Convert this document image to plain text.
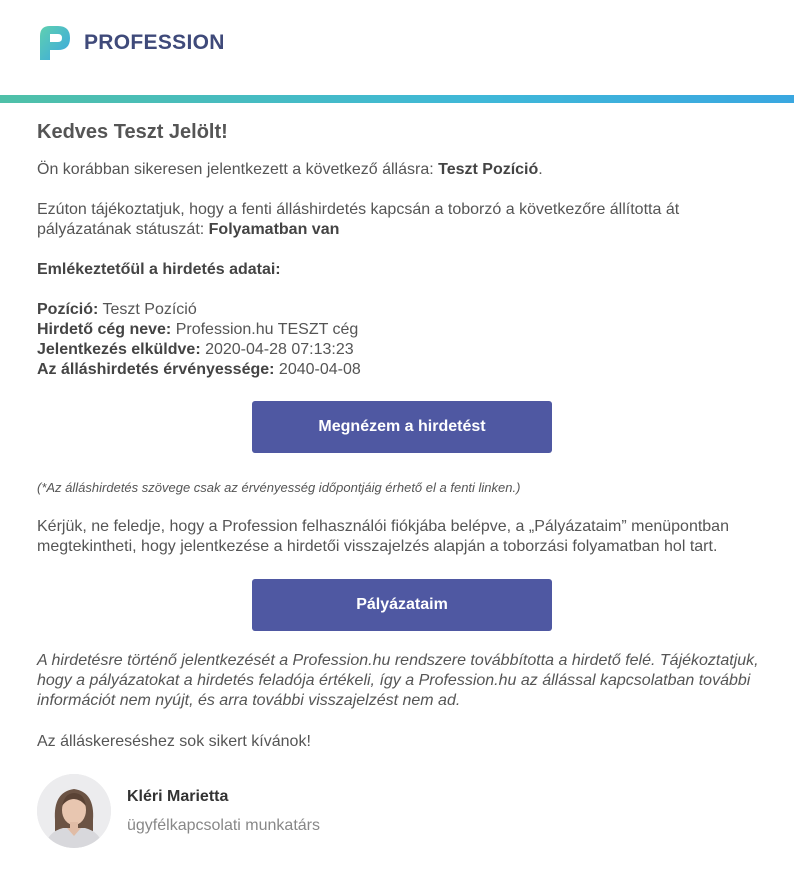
PROFESSION
Kedves Teszt Jelölt!

Ön korábban sikeresen jelentkezett a következő állásra: Teszt Pozíció.

Ezúton tájékoztatjuk, hogy a fenti álláshirdetés kapcsán a toborzó a következőre állította át pályázatának státuszát: Folyamatban van

Emlékeztetőül a hirdetés adatai:

Pozíció: Teszt Pozíció

Hirdető cég neve: Profession.hu TESZT cég

Jelentkezés elküldve: 2020-04-28 07:13:23

Az álláshirdetés érvényessége: 2040-04-08

Megnézem a hirdetést

(*Az álláshirdetés szövege csak az érvényesség időpontjáig érhető el a fenti linken.)

Kérjük, ne feledje, hogy a Profession felhasználói fiókjába belépve, a „Pályázataim” menüpontban megtekintheti, hogy jelentkezése a hirdetői visszajelzés alapján a toborzási folyamatban hol tart.

Pályázataim

A hirdetésre történő jelentkezését a Profession.hu rendszere továbbította a hirdető felé. Tájékoztatjuk, hogy a pályázatokat a hirdetés feladója értékeli, így a Profession.hu az állással kapcsolatban további információt nem nyújt, és arra további visszajelzést nem ad.

Az álláskereséshez sok sikert kívánok!

Kléri Marietta
ügyfélkapcsolati munkatárs
